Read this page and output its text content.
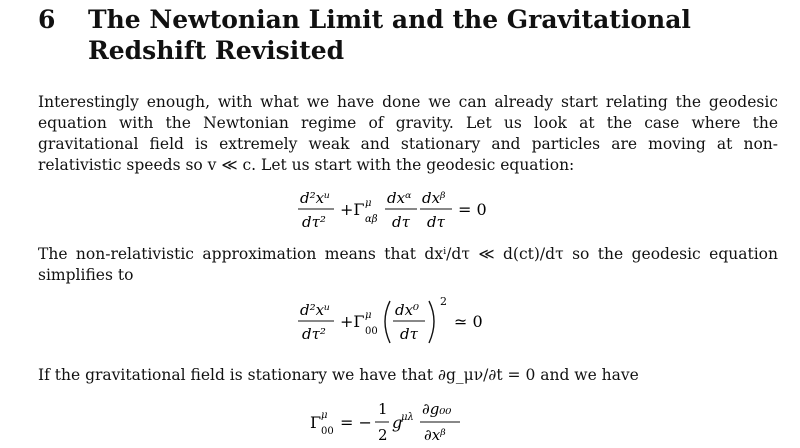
6 The Newtonian Limit and the Gravitational Redshift Revisited
Interestingly enough, with what we have done we can already start relating the geodesic equation with the Newtonian regime of gravity. Let us look at the case where the gravitational field is extremely weak and stationary and particles are moving at non-relativistic speeds so v ≪ c. Let us start with the geodesic equation:
d²xᵘ
dτ²
+Γ μ
αβ
dxᵅ
dτ
dxᵝ
dτ
= 0
The non-relativistic approximation means that dxⁱ/dτ ≪ d(ct)/dτ so the geodesic equation simplifies to
d²xᵘ
dτ²
+Γ μ
00
dx⁰
dτ
2
≃ 0
If the gravitational field is stationary we have that ∂g_μν/∂t = 0 and we have
Γ μ
00 = −
1
2
g
μλ ∂g₀₀
∂xᵝ
